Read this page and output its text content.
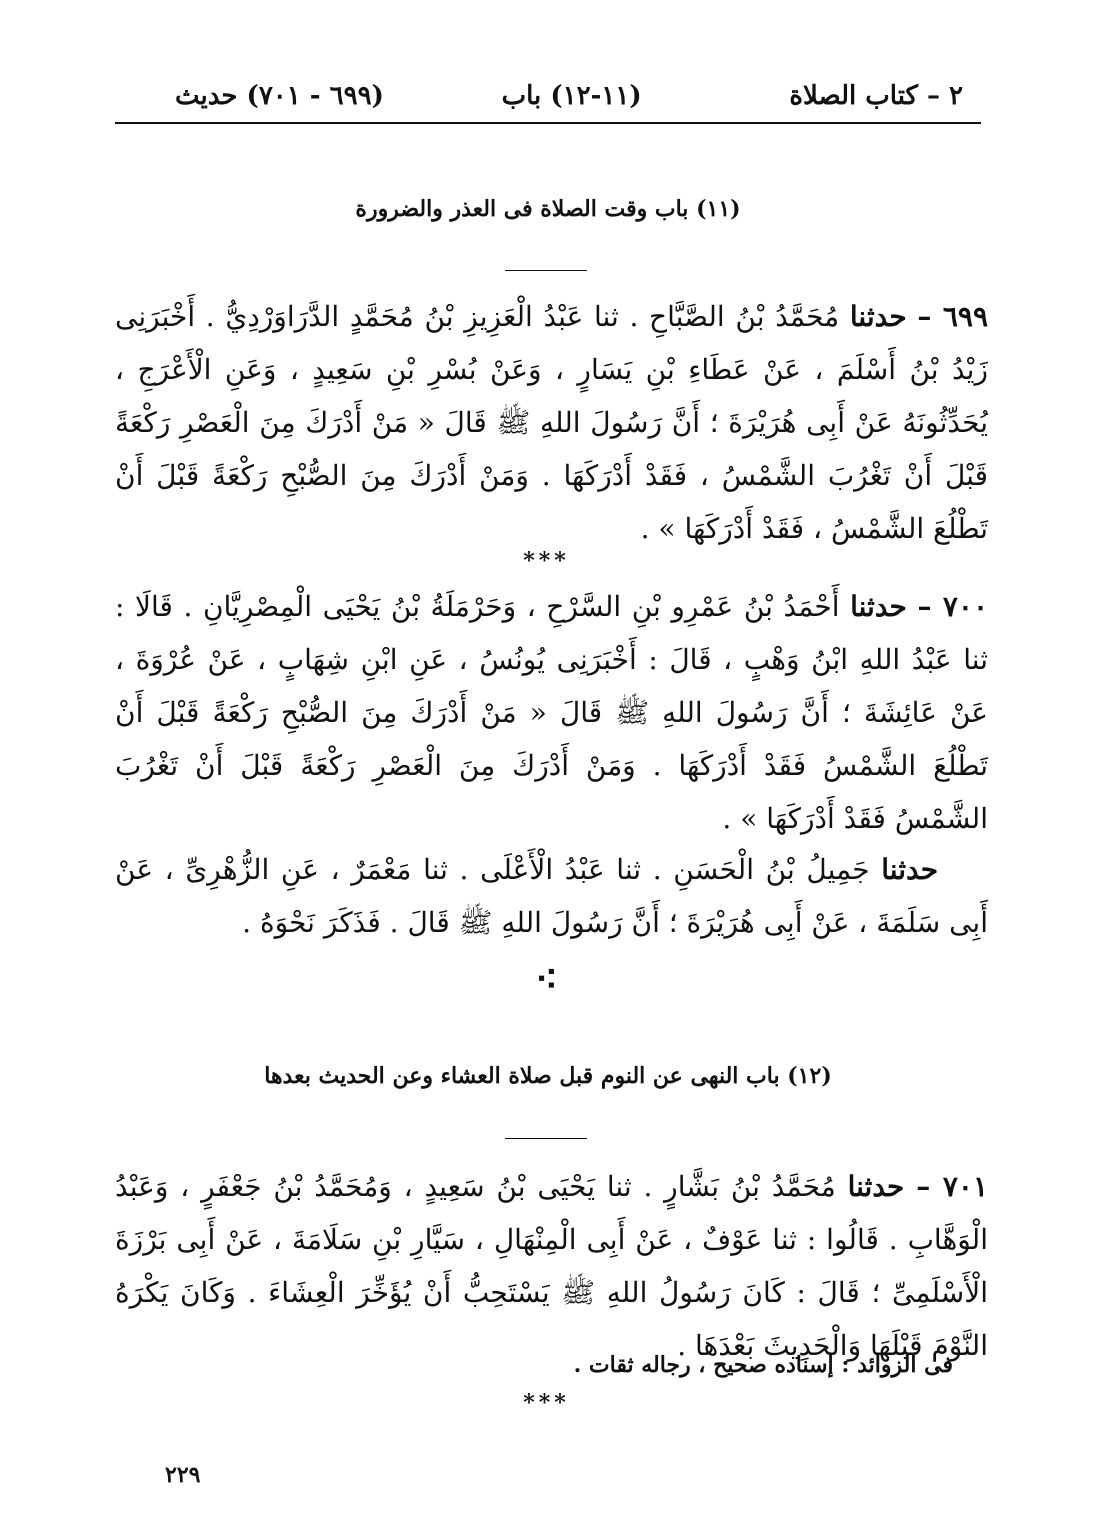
٢ – كتاب الصلاة
(١١-١٢) باب
(٦٩٩ - ٧٠١) حديث
(١١) باب وقت الصلاة فى العذر والضرورة
٦٩٩ – حدثنا مُحَمَّدُ بْنُ الصَّبَّاحِ . ثنا عَبْدُ الْعَزِيزِ بْنُ مُحَمَّدٍ الدَّرَاوَرْدِيُّ . أَخْبَرَنِى زَيْدُ بْنُ أَسْلَمَ ، عَنْ عَطَاءِ بْنِ يَسَارٍ ، وَعَنْ بُسْرِ بْنِ سَعِيدٍ ، وَعَنِ الْأَعْرَجِ ، يُحَدِّثُونَهُ عَنْ أَبِى هُرَيْرَةَ ؛ أَنَّ رَسُولَ اللهِ ﷺ قَالَ « مَنْ أَدْرَكَ مِنَ الْعَصْرِ رَكْعَةً قَبْلَ أَنْ تَغْرُبَ الشَّمْسُ ، فَقَدْ أَدْرَكَهَا . وَمَنْ أَدْرَكَ مِنَ الصُّبْحِ رَكْعَةً قَبْلَ أَنْ تَطْلُعَ الشَّمْسُ ، فَقَدْ أَدْرَكَهَا » .
***
٧٠٠ – حدثنا أَحْمَدُ بْنُ عَمْرِو بْنِ السَّرْحِ ، وَحَرْمَلَةُ بْنُ يَحْيَى الْمِصْرِيَّانِ . قَالَا : ثنا عَبْدُ اللهِ ابْنُ وَهْبٍ ، قَالَ : أَخْبَرَنِى يُونُسُ ، عَنِ ابْنِ شِهَابٍ ، عَنْ عُرْوَةَ ، عَنْ عَائِشَةَ ؛ أَنَّ رَسُولَ اللهِ ﷺ قَالَ « مَنْ أَدْرَكَ مِنَ الصُّبْحِ رَكْعَةً قَبْلَ أَنْ تَطْلُعَ الشَّمْسُ فَقَدْ أَدْرَكَهَا . وَمَنْ أَدْرَكَ مِنَ الْعَصْرِ رَكْعَةً قَبْلَ أَنْ تَغْرُبَ الشَّمْسُ فَقَدْ أَدْرَكَهَا » .
حدثنا جَمِيلُ بْنُ الْحَسَنِ . ثنا عَبْدُ الْأَعْلَى . ثنا مَعْمَرٌ ، عَنِ الزُّهْرِىِّ ، عَنْ أَبِى سَلَمَةَ ، عَنْ أَبِى هُرَيْرَةَ ؛ أَنَّ رَسُولَ اللهِ ﷺ قَالَ . فَذَكَرَ نَحْوَهُ .
⁖
(١٢) باب النهى عن النوم قبل صلاة العشاء وعن الحديث بعدها
٧٠١ – حدثنا مُحَمَّدُ بْنُ بَشَّارٍ . ثنا يَحْيَى بْنُ سَعِيدٍ ، وَمُحَمَّدُ بْنُ جَعْفَرٍ ، وَعَبْدُ الْوَهَّابِ . قَالُوا : ثنا عَوْفٌ ، عَنْ أَبِى الْمِنْهَالِ ، سَيَّارِ بْنِ سَلَامَةَ ، عَنْ أَبِى بَرْزَةَ الْأَسْلَمِىِّ ؛ قَالَ : كَانَ رَسُولُ اللهِ ﷺ يَسْتَحِبُّ أَنْ يُؤَخِّرَ الْعِشَاءَ . وَكَانَ يَكْرَهُ النَّوْمَ قَبْلَهَا وَالْحَدِيثَ بَعْدَهَا .
فى الزوائد : إسناده صحيح ، رجاله ثقات .
***
٢٢٩
